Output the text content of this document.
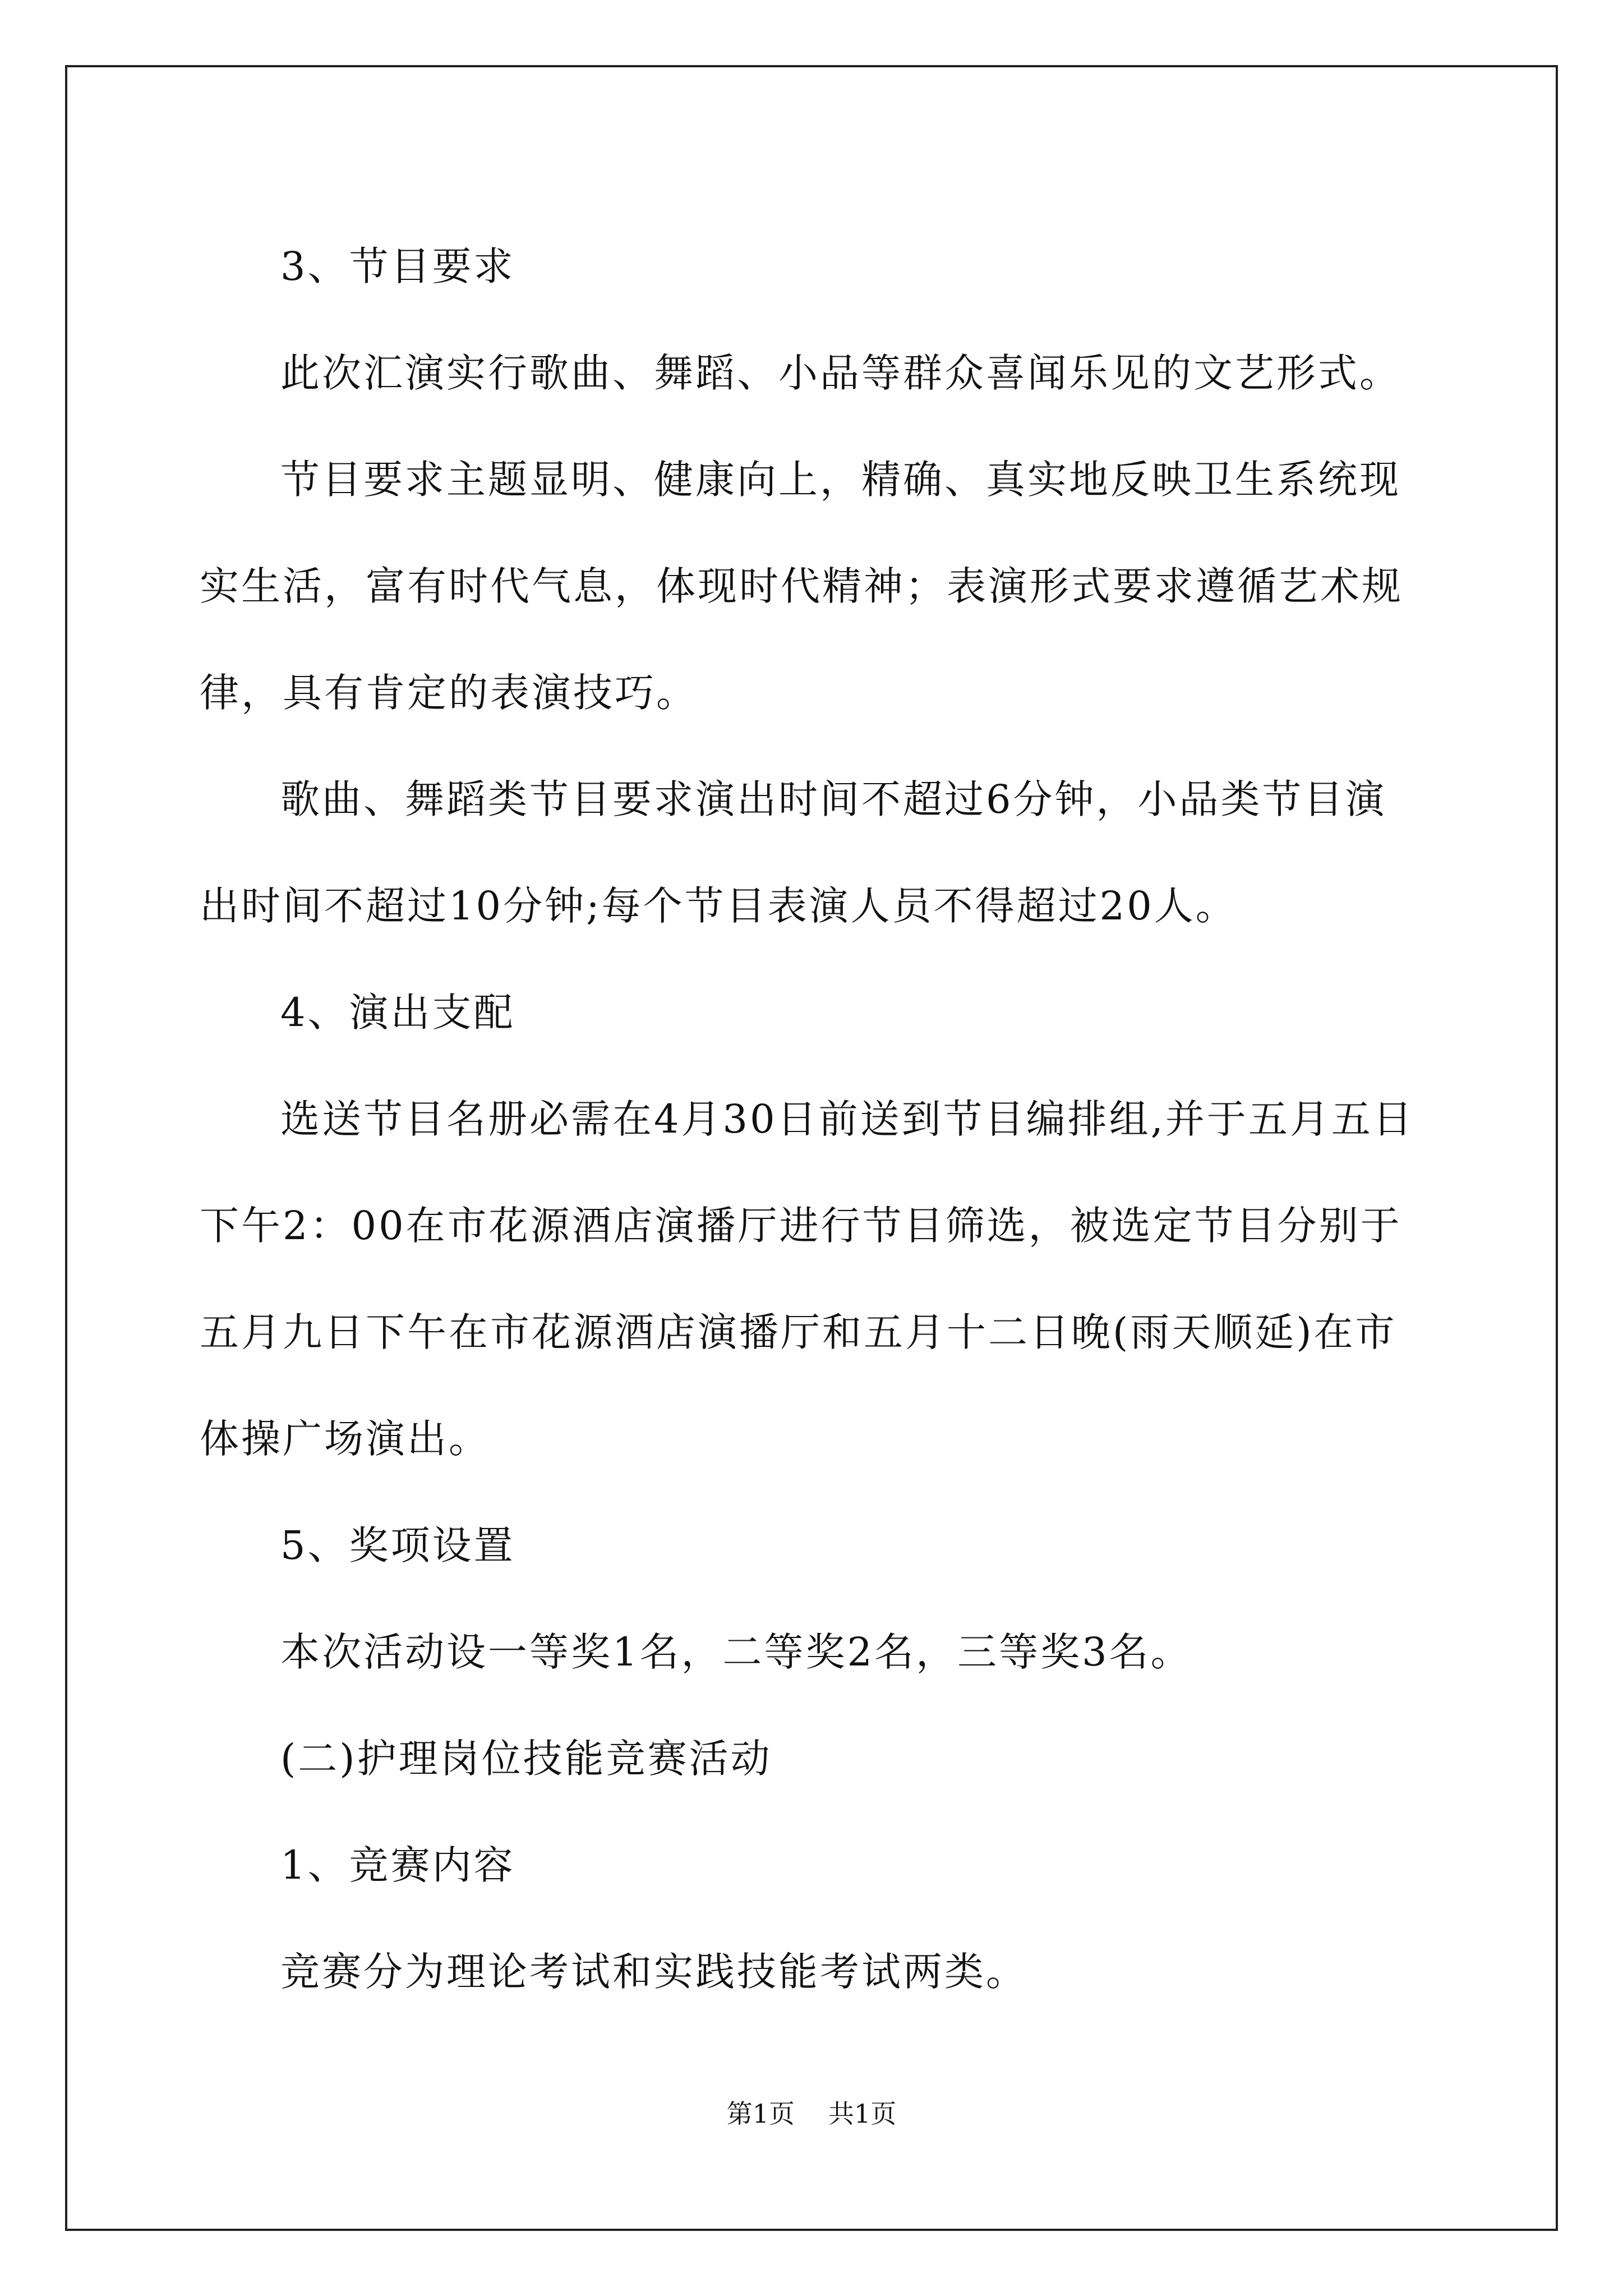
3、节目要求

此次汇演实行歌曲、舞蹈、小品等群众喜闻乐见的文艺形式。

节目要求主题显明、健康向上，精确、真实地反映卫生系统现实生活，富有时代气息，体现时代精神；表演形式要求遵循艺术规律，具有肯定的表演技巧。

歌曲、舞蹈类节目要求演出时间不超过6分钟，小品类节目演出时间不超过10分钟;每个节目表演人员不得超过20人。

4、演出支配

选送节目名册必需在4月30日前送到节目编排组,并于五月五日下午2：00在市花源酒店演播厅进行节目筛选，被选定节目分别于五月九日下午在市花源酒店演播厅和五月十二日晚(雨天顺延)在市体操广场演出。

5、奖项设置

本次活动设一等奖1名，二等奖2名，三等奖3名。

(二)护理岗位技能竞赛活动

1、竞赛内容

竞赛分为理论考试和实践技能考试两类。

第1页 共1页
